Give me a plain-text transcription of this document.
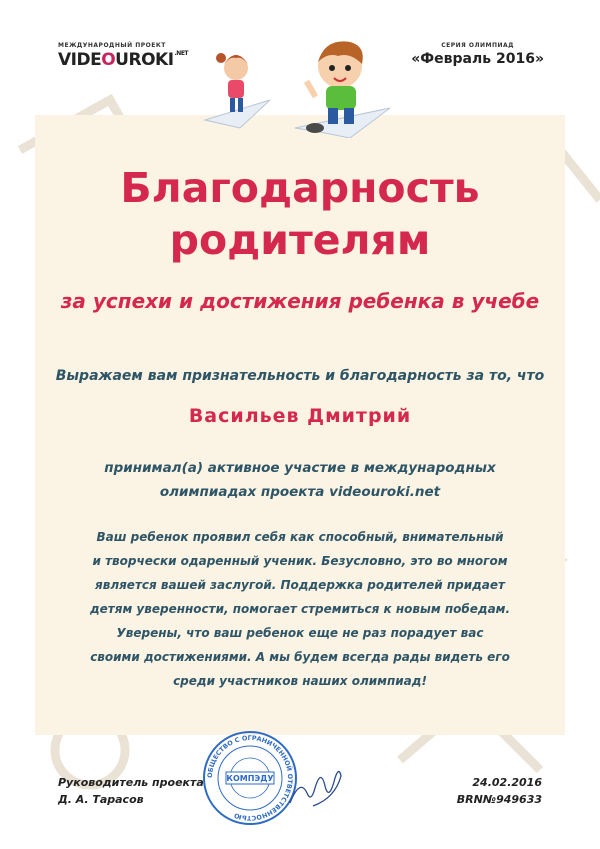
МЕЖДУНАРОДНЫЙ ПРОЕКТ
$VIDEOUROKI^{.NET}$
СЕРИЯ ОЛИМПИАД
«Февраль 2016»
Благодарность
родителям
за успехи и достижения ребенка в учебе
Выражаем вам признательность и благодарность за то, что
Васильев Дмитрий
принимал(а) активное участие в международных
олимпиадах проекта videouroki.net
Ваш ребенок проявил себя как способный, внимательный
и творчески одаренный ученик. Безусловно, это во многом
является вашей заслугой. Поддержка родителей придает
детям уверенности, помогает стремиться к новым победам.
Уверены, что ваш ребенок еще не раз порадует вас
своими достижениями. А мы будем всегда рады видеть его
среди участников наших олимпиад!
ОБЩЕСТВО С ОГРАНИЧЕННОЙ ОТВЕТСТВЕННОСТЬЮ
КОМПЭДУ
Руководитель проекта
Д. А. Тарасов
24.02.2016
BRN№949633
